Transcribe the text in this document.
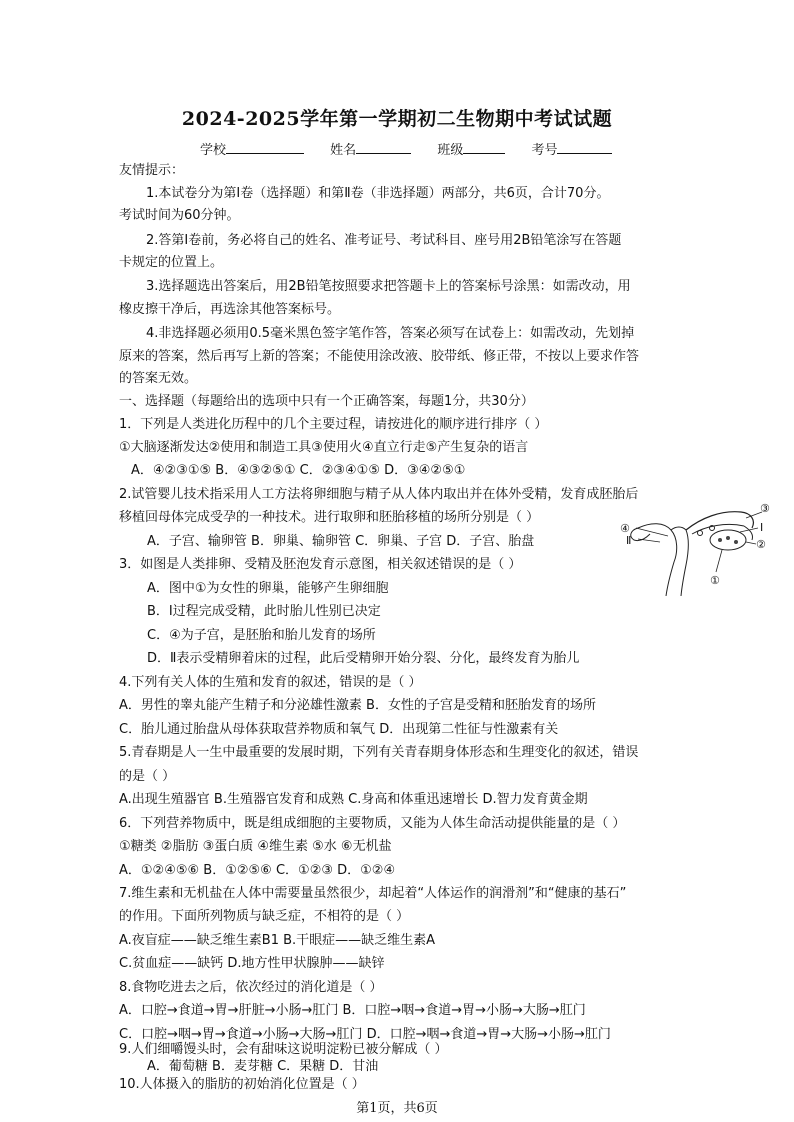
2024-2025学年第一学期初二生物期中考试试题
学校	姓名	班级	考号
友情提示：
1.本试卷分为第Ⅰ卷（选择题）和第Ⅱ卷（非选择题）两部分，共6页，合计70分。
考试时间为60分钟。
2.答第Ⅰ卷前，务必将自己的姓名、准考证号、考试科目、座号用2B铅笔涂写在答题
卡规定的位置上。
3.选择题选出答案后，用2B铅笔按照要求把答题卡上的答案标号涂黑：如需改动，用
橡皮擦干净后，再选涂其他答案标号。
4.非选择题必须用0.5毫米黑色签字笔作答，答案必须写在试卷上：如需改动，先划掉
原来的答案，然后再写上新的答案；不能使用涂改液、胶带纸、修正带，不按以上要求作答
的答案无效。
一、选择题（每题给出的选项中只有一个正确答案，每题1分，共30分）
1．下列是人类进化历程中的几个主要过程，请按进化的顺序进行排序（ ）
①大脑逐渐发达②使用和制造工具③使用火④直立行走⑤产生复杂的语言
A．④②③①⑤ B．④③②⑤① C．②③④①⑤ D．③④②⑤①
2.试管婴儿技术指采用人工方法将卵细胞与精子从人体内取出并在体外受精，发育成胚胎后
移植回母体完成受孕的一种技术。进行取卵和胚胎移植的场所分别是（ ）
A．子宫、输卵管 B．卵巢、输卵管 C．卵巢、子宫 D．子宫、胎盘
3．如图是人类排卵、受精及胚泡发育示意图，相关叙述错误的是（ ）
A．图中①为女性的卵巢，能够产生卵细胞
B．Ⅰ过程完成受精，此时胎儿性别已决定
C．④为子宫，是胚胎和胎儿发育的场所
D．Ⅱ表示受精卵着床的过程，此后受精卵开始分裂、分化，最终发育为胎儿
④
Ⅱ
③
Ⅰ
②
①
4.下列有关人体的生殖和发育的叙述，错误的是（ ）
A．男性的睾丸能产生精子和分泌雄性激素 B．女性的子宫是受精和胚胎发育的场所
C．胎儿通过胎盘从母体获取营养物质和氧气 D．出现第二性征与性激素有关
5.青春期是人一生中最重要的发展时期，下列有关青春期身体形态和生理变化的叙述，错误
的是（ ）
A.出现生殖器官 B.生殖器官发育和成熟 C.身高和体重迅速增长 D.智力发育黄金期
6．下列营养物质中，既是组成细胞的主要物质，又能为人体生命活动提供能量的是（ ）
①糖类 ②脂肪 ③蛋白质 ④维生素 ⑤水 ⑥无机盐
A．①②④⑤⑥ B．①②⑤⑥ C．①②③ D．①②④
7.维生素和无机盐在人体中需要量虽然很少，却起着“人体运作的润滑剂”和“健康的基石”
的作用。下面所列物质与缺乏症，不相符的是（ ）
A.夜盲症——缺乏维生素B1 B.干眼症——缺乏维生素A
C.贫血症——缺钙 D.地方性甲状腺肿——缺锌
8.食物吃进去之后，依次经过的消化道是（ ）
A．口腔→食道→胃→肝脏→小肠→肛门 B．口腔→咽→食道→胃→小肠→大肠→肛门
C．口腔→咽→胃→食道→小肠→大肠→肛门 D．口腔→咽→食道→胃→大肠→小肠→肛门
9.人们细嚼馒头时，会有甜味这说明淀粉已被分解成（ ）
A．葡萄糖 B．麦芽糖 C．果糖 D．甘油
第1页，共6页
10.人体摄入的脂肪的初始消化位置是（ ）
